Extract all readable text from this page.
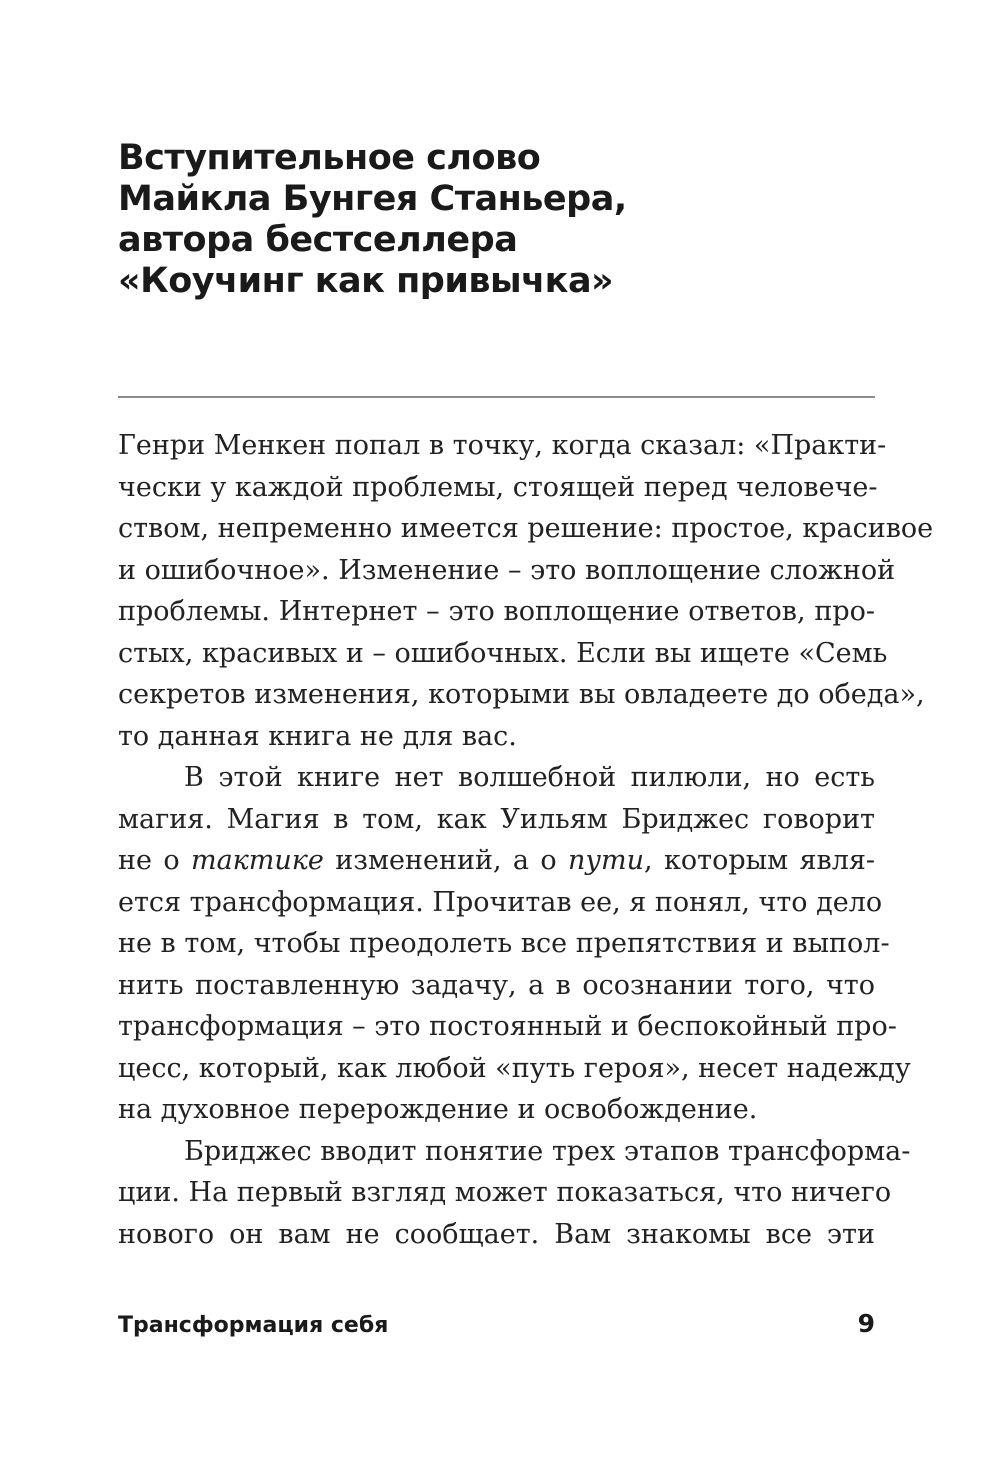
Вступительное слово
Майкла Бунгея Станьера,
автора бестселлера
«Коучинг как привычка»
Генри Менкен попал в точку, когда сказал: «Практи-
чески у каждой проблемы, стоящей перед человече-
ством, непременно имеется решение: простое, красивое
и ошибочное». Изменение – это воплощение сложной
проблемы. Интернет – это воплощение ответов, про-
стых, красивых и – ошибочных. Если вы ищете «Семь
секретов изменения, которыми вы овладеете до обеда»,
то данная книга не для вас.
В этой книге нет волшебной пилюли, но есть
магия. Магия в том, как Уильям Бриджес говорит
не о тактике изменений, а о пути, которым явля-
ется трансформация. Прочитав ее, я понял, что дело
не в том, чтобы преодолеть все препятствия и выпол-
нить поставленную задачу, а в осознании того, что
трансформация – это постоянный и беспокойный про-
цесс, который, как любой «путь героя», несет надежду
на духовное перерождение и освобождение.
Бриджес вводит понятие трех этапов трансформа-
ции. На первый взгляд может показаться, что ничего
нового он вам не сообщает. Вам знакомы все эти
Трансформация себя	9
